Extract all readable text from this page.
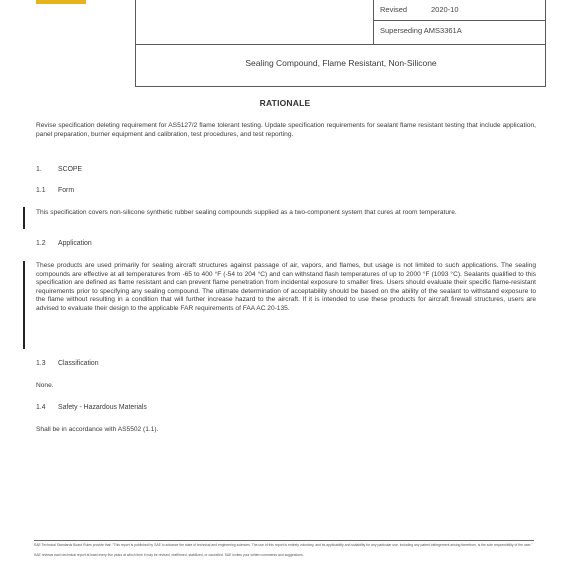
Revised	2020-10
Superseding AMS3361A
Sealing Compound, Flame Resistant, Non-Silicone
RATIONALE

Revise specification deleting requirement for AS5127/2 flame tolerant testing. Update specification requirements for sealant flame resistant testing that include application, panel preparation, burner equipment and calibration, test procedures, and test reporting.

1. SCOPE
1.1 Form

This specification covers non-silicone synthetic rubber sealing compounds supplied as a two-component system that cures at room temperature.

1.2 Application

These products are used primarily for sealing aircraft structures against passage of air, vapors, and flames, but usage is not limited to such applications. The sealing compounds are effective at all temperatures from -65 to 400 °F (-54 to 204 °C) and can withstand flash temperatures of up to 2000 °F (1093 °C). Sealants qualified to this specification are defined as flame resistant and can prevent flame penetration from incidental exposure to smaller fires. Users should evaluate their specific flame-resistant requirements prior to specifying any sealing compound. The ultimate determination of acceptability should be based on the ability of the sealant to withstand exposure to the flame without resulting in a condition that will further increase hazard to the aircraft. If it is intended to use these products for aircraft firewall structures, users are advised to evaluate their design to the applicable FAR requirements of FAA AC 20-135.

1.3 Classification

None.

1.4 Safety - Hazardous Materials

Shall be in accordance with AS5502 (1.1).

SAE Technical Standards Board Rules provide that: "This report is published by SAE to advance the state of technical and engineering sciences. The use of this report is entirely voluntary, and its applicability and suitability for any particular use, including any patent infringement arising therefrom, is the sole responsibility of the user."

SAE reviews each technical report at least every five years at which time it may be revised, reaffirmed, stabilized, or cancelled. SAE invites your written comments and suggestions.
